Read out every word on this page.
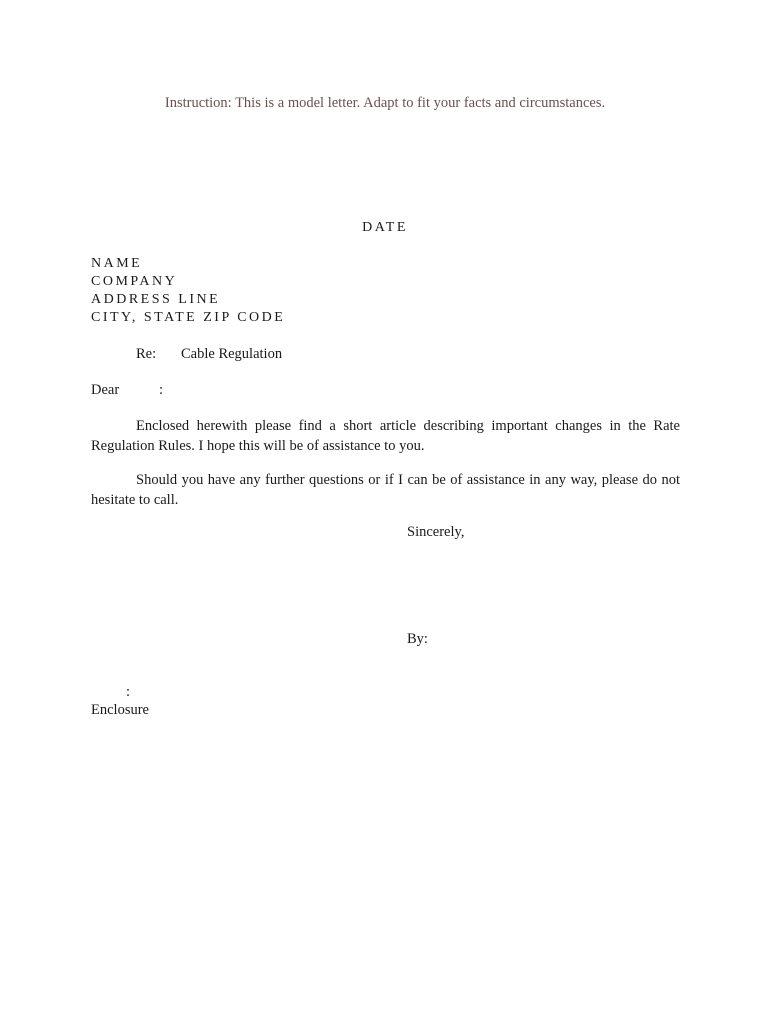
Instruction: This is a model letter. Adapt to fit your facts and circumstances.
DATE
NAME
COMPANY
ADDRESS LINE
CITY, STATE ZIP CODE
Re: Cable Regulation
Dear	:
Enclosed herewith please find a short article describing important changes in the Rate
Regulation Rules. I hope this will be of assistance to you.
Should you have any further questions or if I can be of assistance in any way, please do not
hesitate to call.
Sincerely,
By:
:
Enclosure
